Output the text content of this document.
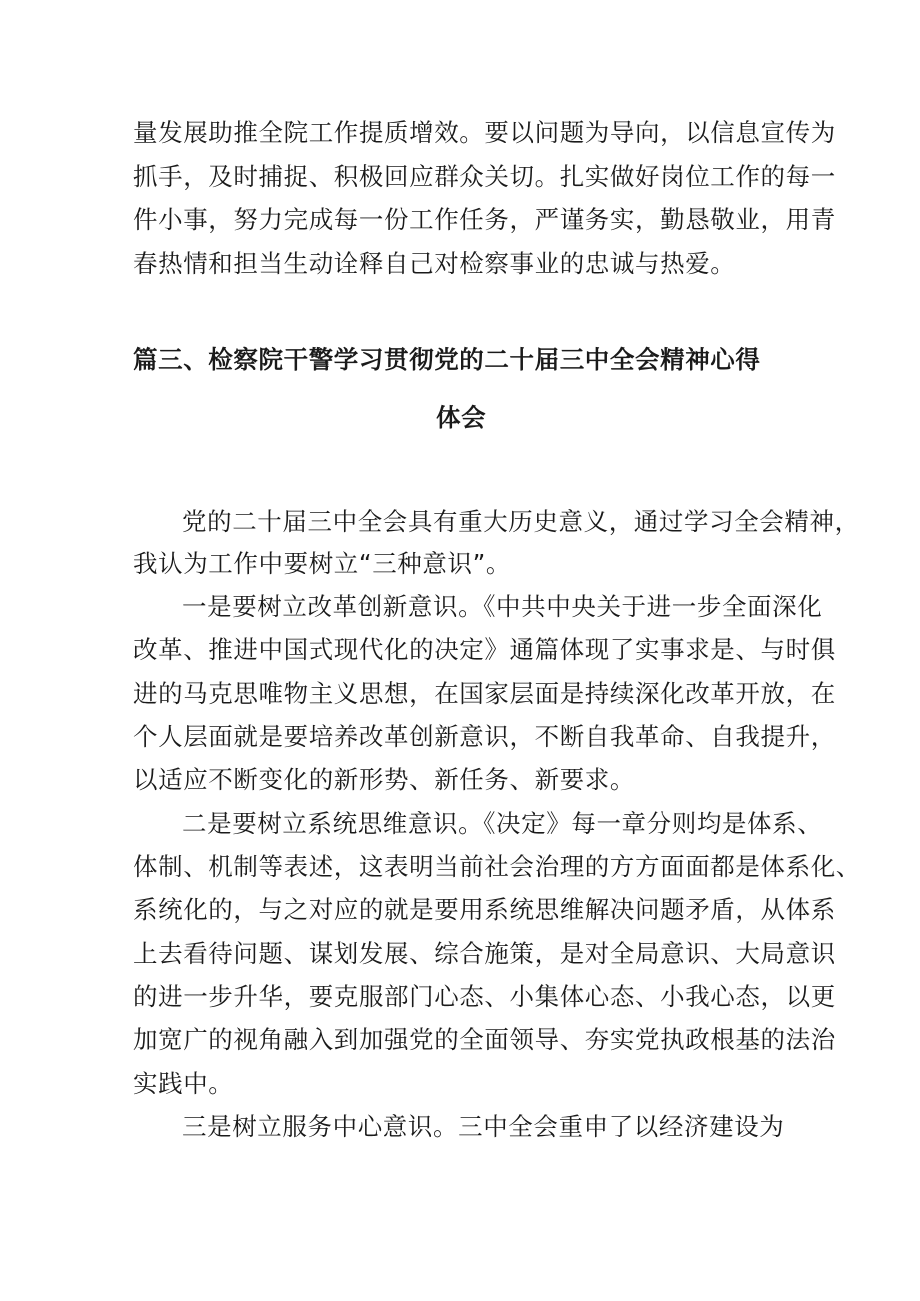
量发展助推全院工作提质增效。要以问题为导向，以信息宣传为
抓手，及时捕捉、积极回应群众关切。扎实做好岗位工作的每一
件小事，努力完成每一份工作任务，严谨务实，勤恳敬业，用青
春热情和担当生动诠释自己对检察事业的忠诚与热爱。
篇三、检察院干警学习贯彻党的二十届三中全会精神心得
体会
党的二十届三中全会具有重大历史意义，通过学习全会精神，
我认为工作中要树立“三种意识”。
一是要树立改革创新意识。《中共中央关于进一步全面深化
改革、推进中国式现代化的决定》通篇体现了实事求是、与时俱
进的马克思唯物主义思想，在国家层面是持续深化改革开放，在
个人层面就是要培养改革创新意识，不断自我革命、自我提升，
以适应不断变化的新形势、新任务、新要求。
二是要树立系统思维意识。《决定》每一章分则均是体系、
体制、机制等表述，这表明当前社会治理的方方面面都是体系化、
系统化的，与之对应的就是要用系统思维解决问题矛盾，从体系
上去看待问题、谋划发展、综合施策，是对全局意识、大局意识
的进一步升华，要克服部门心态、小集体心态、小我心态，以更
加宽广的视角融入到加强党的全面领导、夯实党执政根基的法治
实践中。
三是树立服务中心意识。三中全会重申了以经济建设为
